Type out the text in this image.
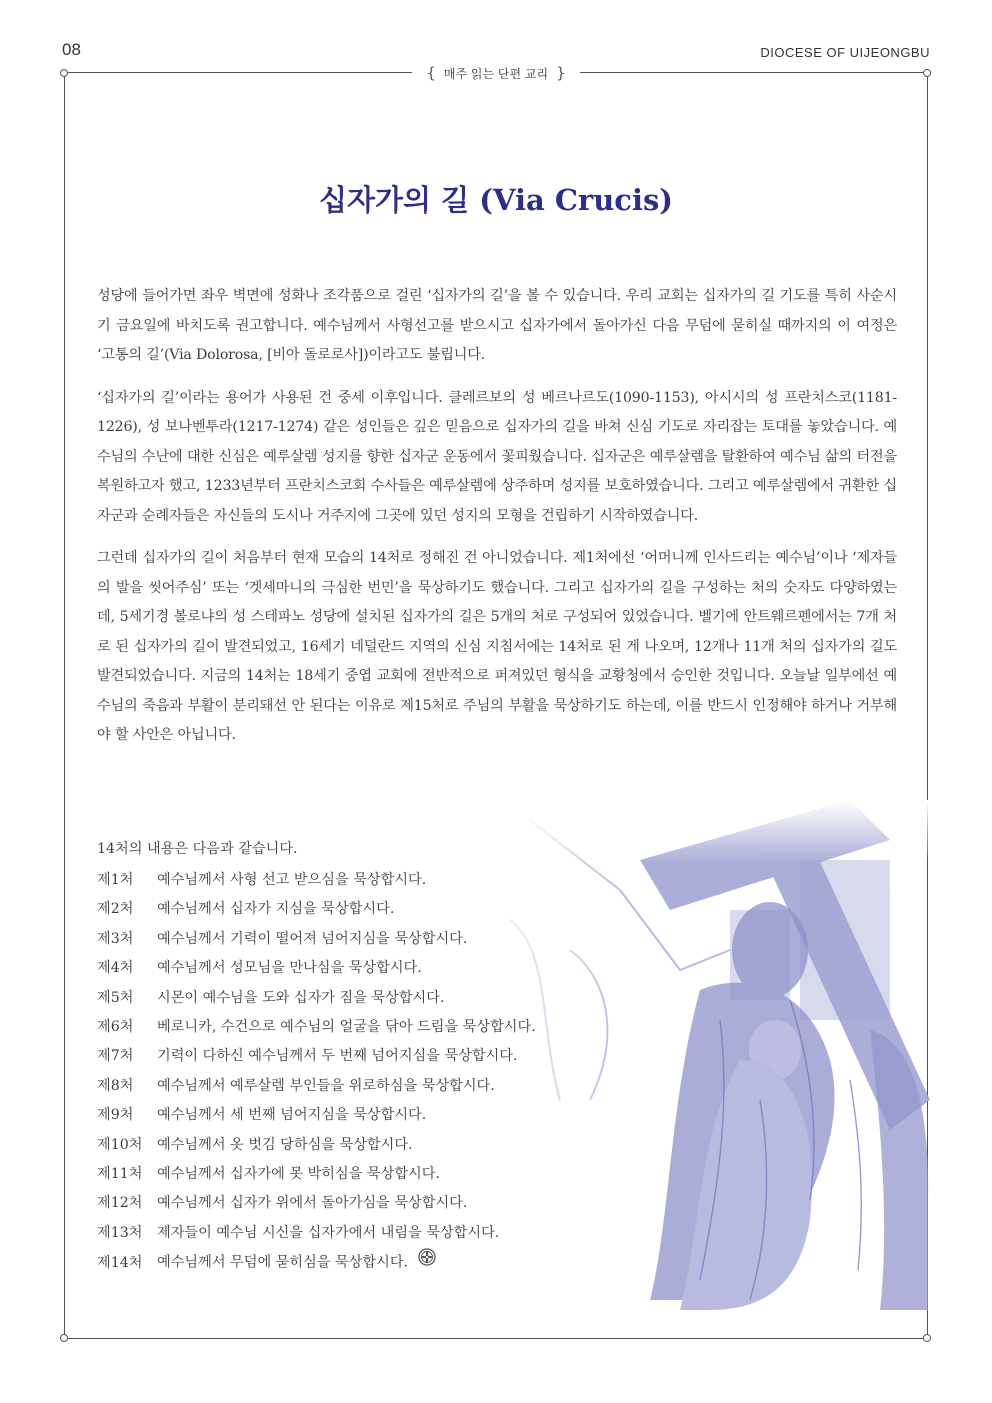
08	DIOCESE OF UIJEONGBU
{ 매주 읽는 단편 교리 }
십자가의 길 (Via Crucis)

성당에 들어가면 좌우 벽면에 성화나 조각품으로 걸린 ‘십자가의 길’을 볼 수 있습니다. 우리 교회는 십자가의 길 기도를 특히 사순시기 금요일에 바치도록 권고합니다. 예수님께서 사형선고를 받으시고 십자가에서 돌아가신 다음 무덤에 묻히실 때까지의 이 여정은 ‘고통의 길’(Via Dolorosa, [비아 돌로로사])이라고도 불립니다.

‘십자가의 길’이라는 용어가 사용된 건 중세 이후입니다. 클레르보의 성 베르나르도(1090-1153), 아시시의 성 프란치스코(1181-1226), 성 보나벤투라(1217-1274) 같은 성인들은 깊은 믿음으로 십자가의 길을 바쳐 신심 기도로 자리잡는 토대를 놓았습니다. 예수님의 수난에 대한 신심은 예루살렘 성지를 향한 십자군 운동에서 꽃피웠습니다. 십자군은 예루살렘을 탈환하여 예수님 삶의 터전을 복원하고자 했고, 1233년부터 프란치스코회 수사들은 예루살렘에 상주하며 성지를 보호하였습니다. 그리고 예루살렘에서 귀환한 십자군과 순례자들은 자신들의 도시나 거주지에 그곳에 있던 성지의 모형을 건립하기 시작하였습니다.

그런데 십자가의 길이 처음부터 현재 모습의 14처로 정해진 건 아니었습니다. 제1처에선 ‘어머니께 인사드리는 예수님’이나 ‘제자들의 발을 씻어주심’ 또는 ‘겟세마니의 극심한 번민’을 묵상하기도 했습니다. 그리고 십자가의 길을 구성하는 처의 숫자도 다양하였는데, 5세기경 볼로냐의 성 스테파노 성당에 설치된 십자가의 길은 5개의 처로 구성되어 있었습니다. 벨기에 안트웨르펜에서는 7개 처로 된 십자가의 길이 발견되었고, 16세기 네덜란드 지역의 신심 지침서에는 14처로 된 게 나오며, 12개나 11개 처의 십자가의 길도 발견되었습니다. 지금의 14처는 18세기 중엽 교회에 전반적으로 퍼져있던 형식을 교황청에서 승인한 것입니다. 오늘날 일부에선 예수님의 죽음과 부활이 분리돼선 안 된다는 이유로 제15처로 주님의 부활을 묵상하기도 하는데, 이를 반드시 인정해야 하거나 거부해야 할 사안은 아닙니다.

14처의 내용은 다음과 같습니다.
제1처 예수님께서 사형 선고 받으심을 묵상합시다.
제2처 예수님께서 십자가 지심을 묵상합시다.
제3처 예수님께서 기력이 떨어져 넘어지심을 묵상합시다.
제4처 예수님께서 성모님을 만나심을 묵상합시다.
제5처 시몬이 예수님을 도와 십자가 짐을 묵상합시다.
제6처 베로니카, 수건으로 예수님의 얼굴을 닦아 드림을 묵상합시다.
제7처 기력이 다하신 예수님께서 두 번째 넘어지심을 묵상합시다.
제8처 예수님께서 예루살렘 부인들을 위로하심을 묵상합시다.
제9처 예수님께서 세 번째 넘어지심을 묵상합시다.
제10처 예수님께서 옷 벗김 당하심을 묵상합시다.
제11처 예수님께서 십자가에 못 박히심을 묵상합시다.
제12처 예수님께서 십자가 위에서 돌아가심을 묵상합시다.
제13처 제자들이 예수님 시신을 십자가에서 내림을 묵상합시다.
제14처 예수님께서 무덤에 묻히심을 묵상합시다.
